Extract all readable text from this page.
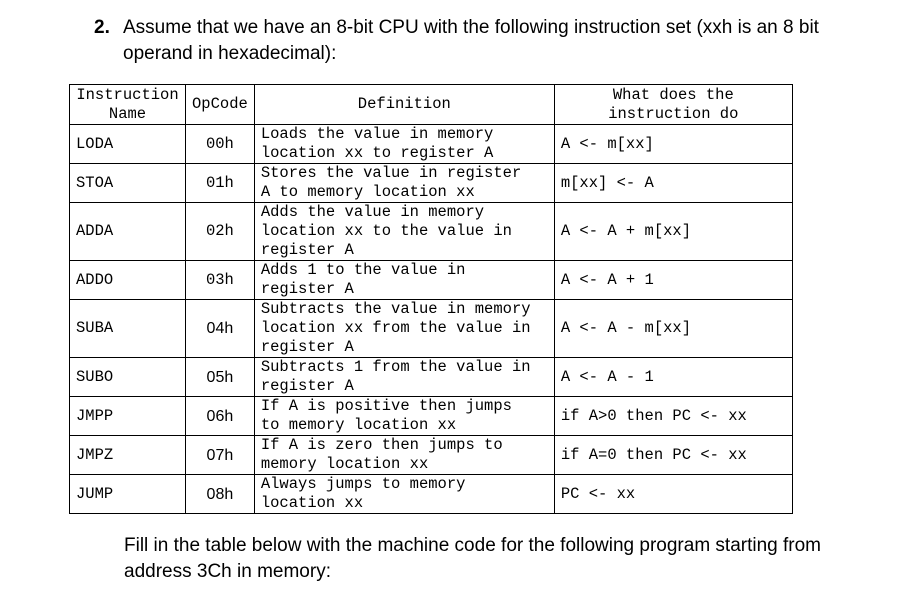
2. Assume that we have an 8-bit CPU with the following instruction set (xxh is an 8 bit
operand in hexadecimal):

Instruction
Name	OpCode	Definition	What does the
instruction do
LODA	00h	Loads the value in memory
location xx to register A	A <- m[xx]
STOA	01h	Stores the value in register
A to memory location xx	m[xx] <- A
ADDA	02h	Adds the value in memory
location xx to the value in
register A	A <- A + m[xx]
ADDO	03h	Adds 1 to the value in
register A	A <- A + 1
SUBA	04h	Subtracts the value in memory
location xx from the value in
register A	A <- A - m[xx]
SUBO	05h	Subtracts 1 from the value in
register A	A <- A - 1
JMPP	06h	If A is positive then jumps
to memory location xx	if A>0 then PC <- xx
JMPZ	07h	If A is zero then jumps to
memory location xx	if A=0 then PC <- xx
JUMP	08h	Always jumps to memory
location xx	PC <- xx

Fill in the table below with the machine code for the following program starting from
address 3Ch in memory:
